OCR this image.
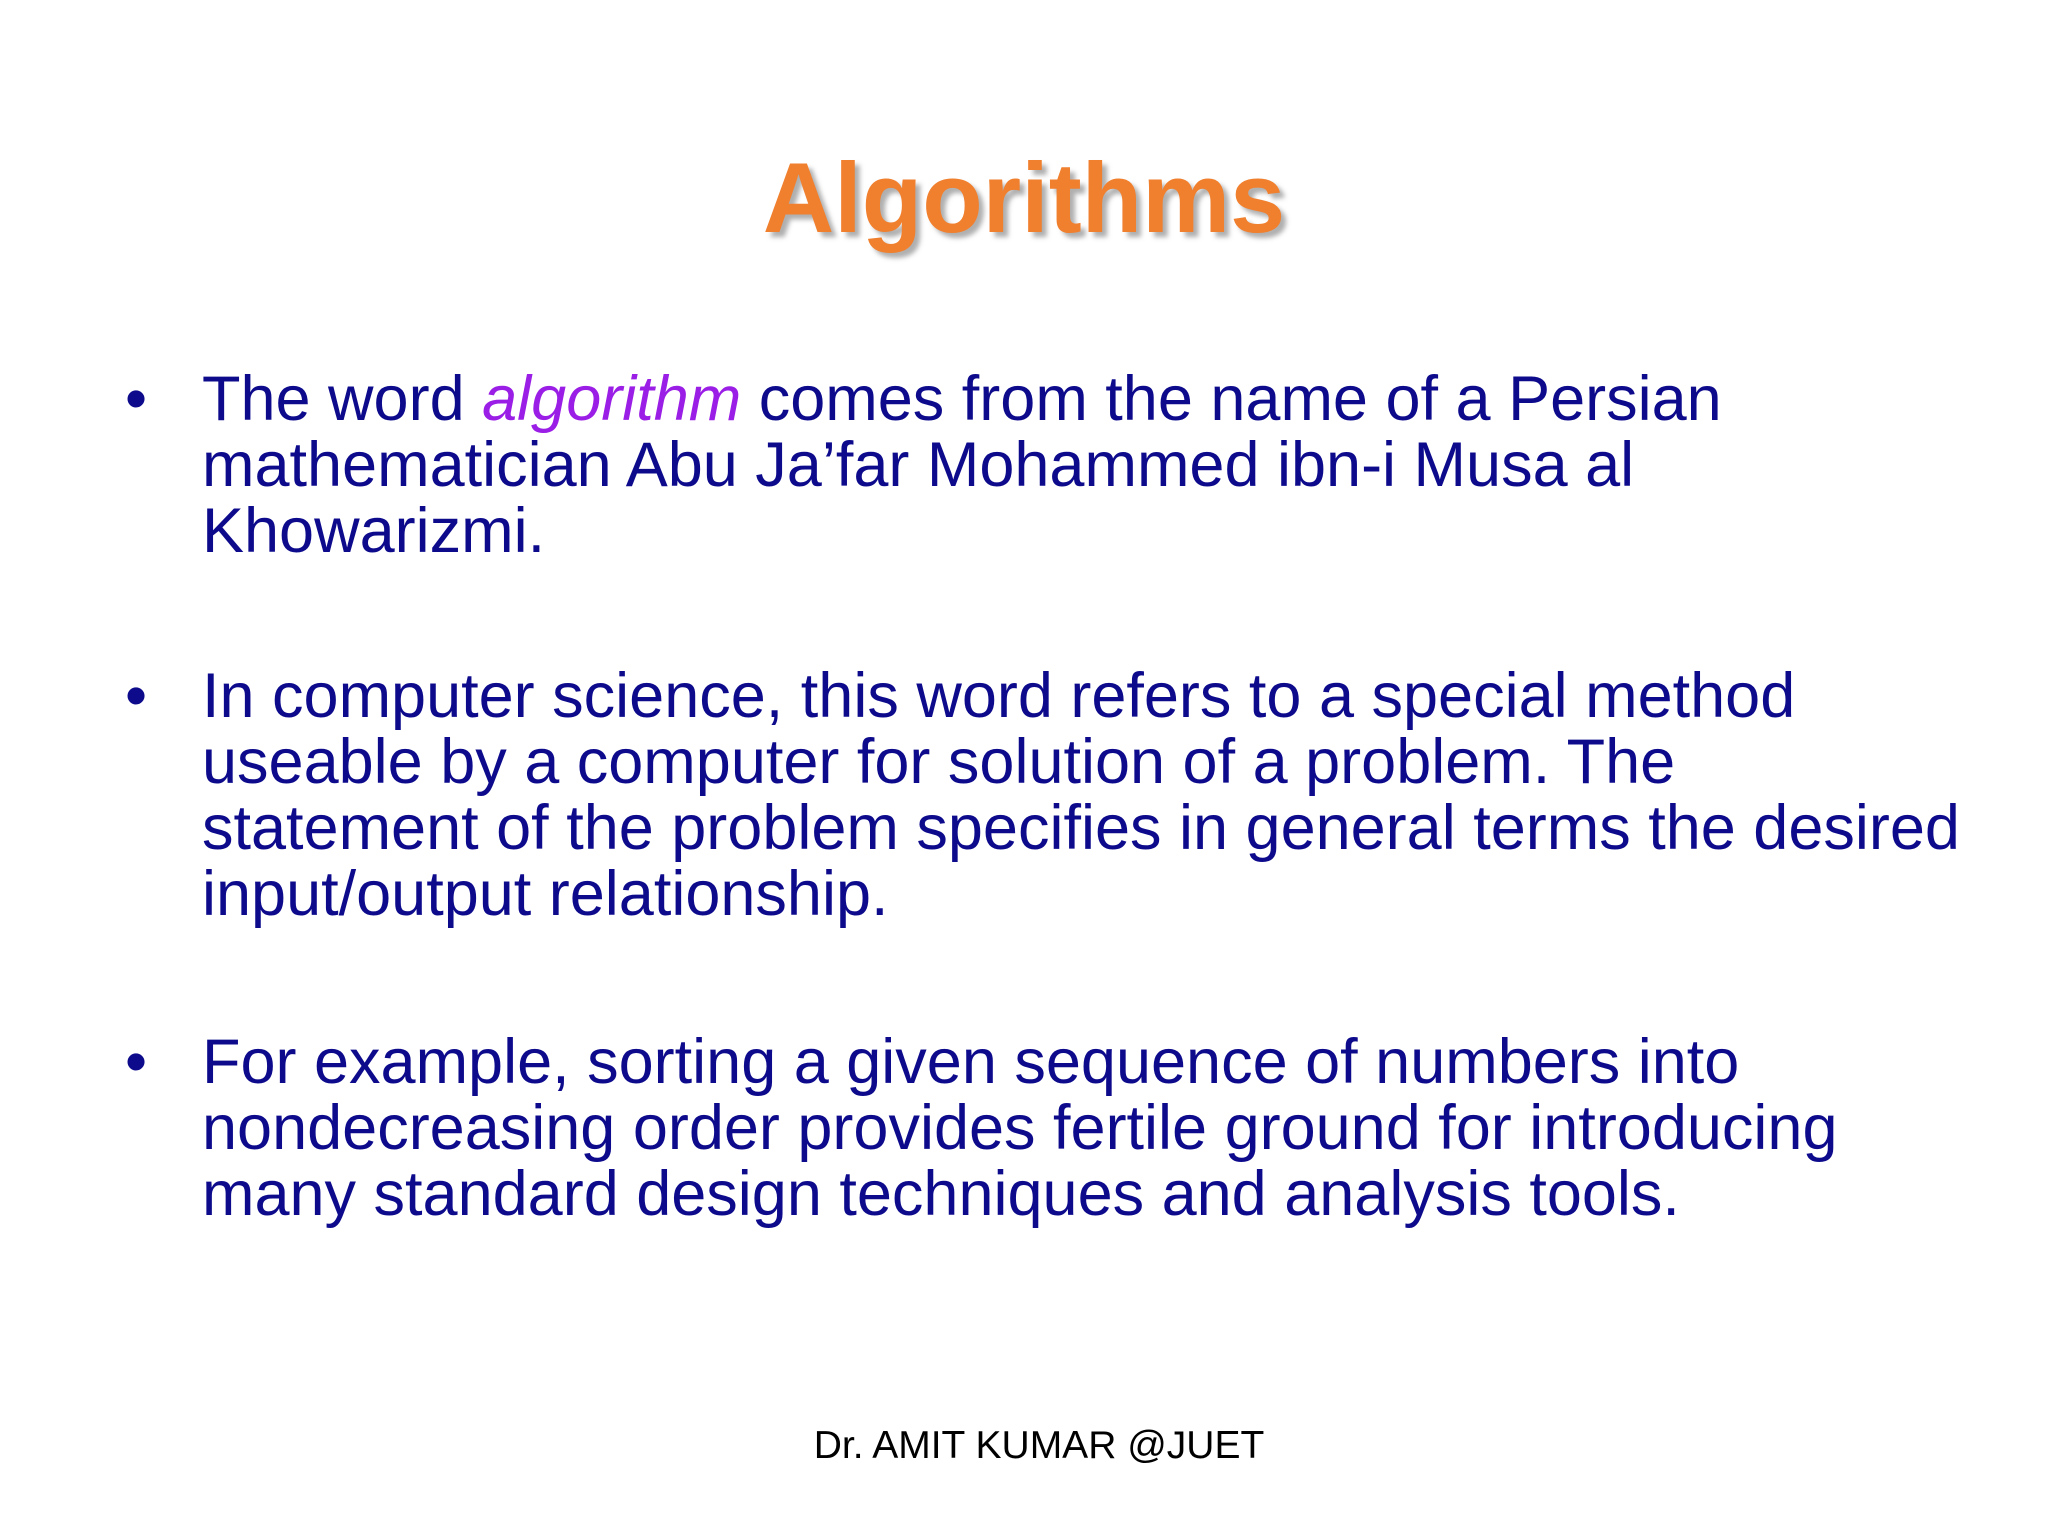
Algorithms
• The word algorithm comes from the name of a Persian mathematician Abu Ja’far Mohammed ibn-i Musa al Khowarizmi.
• In computer science, this word refers to a special method useable by a computer for solution of a problem. The statement of the problem specifies in general terms the desired input/output relationship.
• For example, sorting a given sequence of numbers into nondecreasing order provides fertile ground for introducing many standard design techniques and analysis tools.
Dr. AMIT KUMAR @JUET
